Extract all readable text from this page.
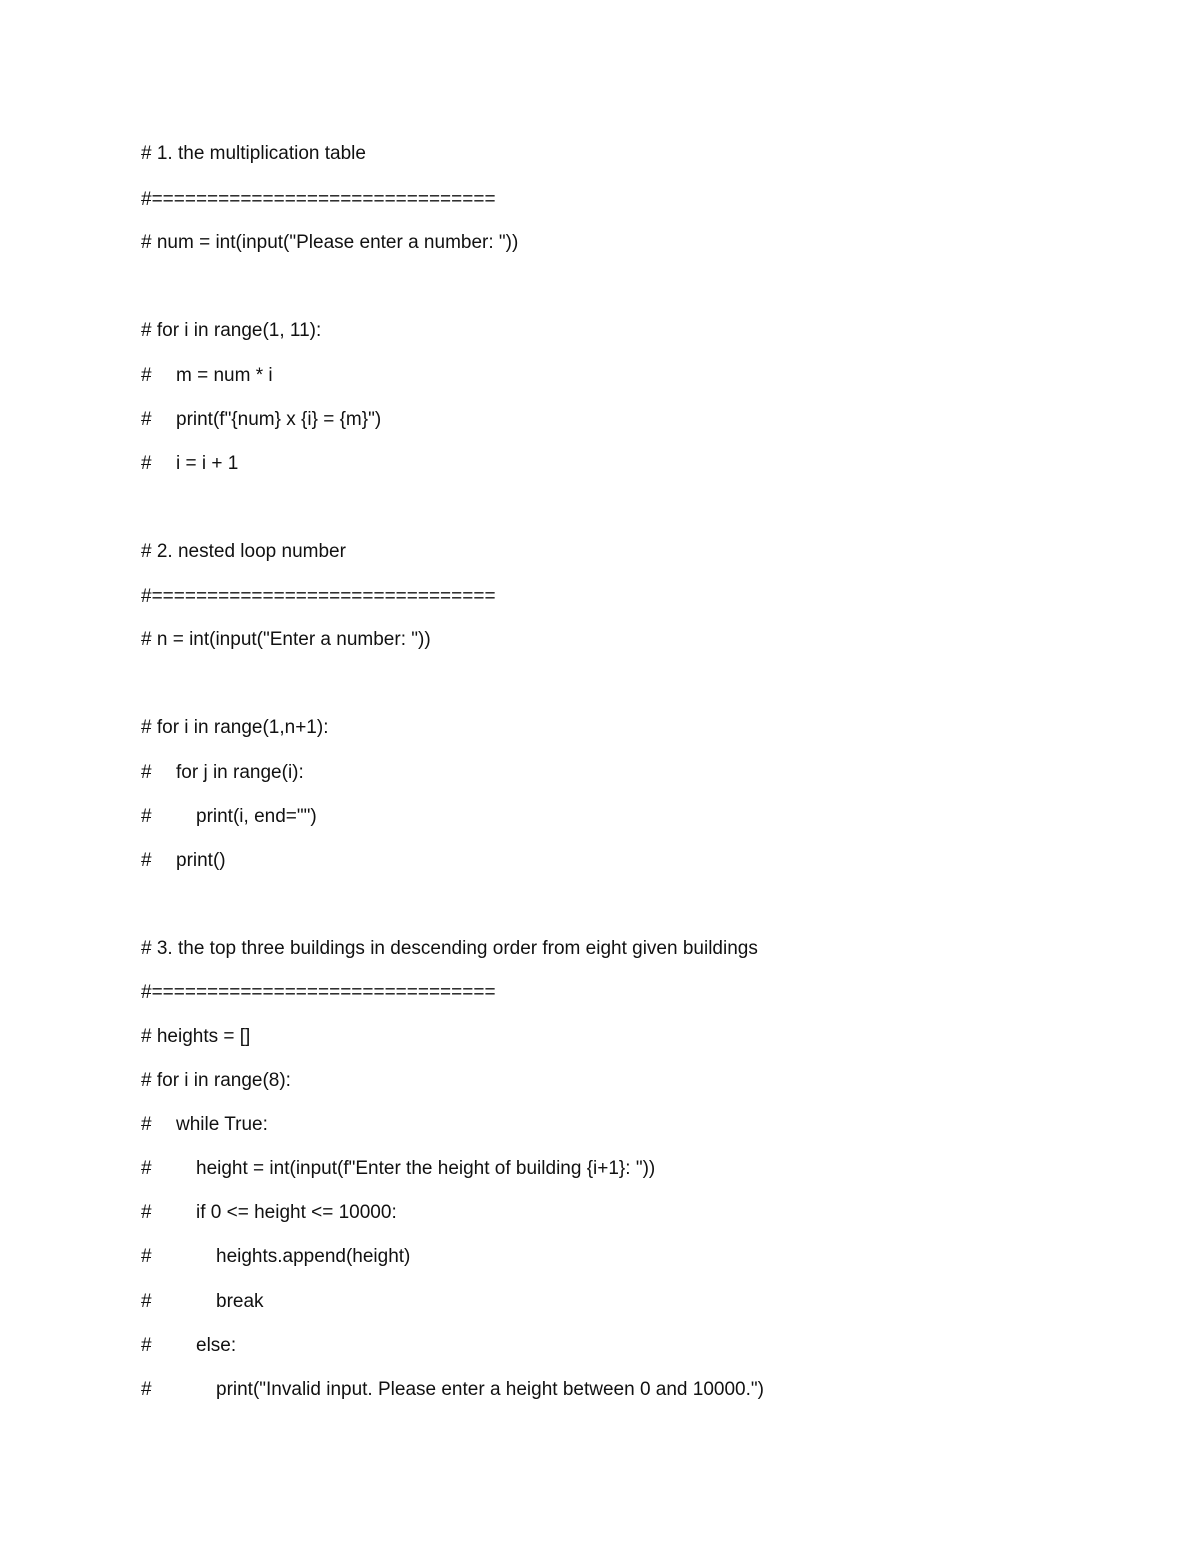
# 1. the multiplication table
#===============================
# num = int(input("Please enter a number: "))
# for i in range(1, 11):
# m = num * i
# print(f"{num} x {i} = {m}")
# i = i + 1
# 2. nested loop number
#===============================
# n = int(input("Enter a number: "))
# for i in range(1,n+1):
# for j in range(i):
# print(i, end="")
# print()
# 3. the top three buildings in descending order from eight given buildings
#===============================
# heights = []
# for i in range(8):
# while True:
# height = int(input(f"Enter the height of building {i+1}: "))
# if 0 <= height <= 10000:
#	heights.append(height)
#	break
# else:
#	print("Invalid input. Please enter a height between 0 and 10000.")
